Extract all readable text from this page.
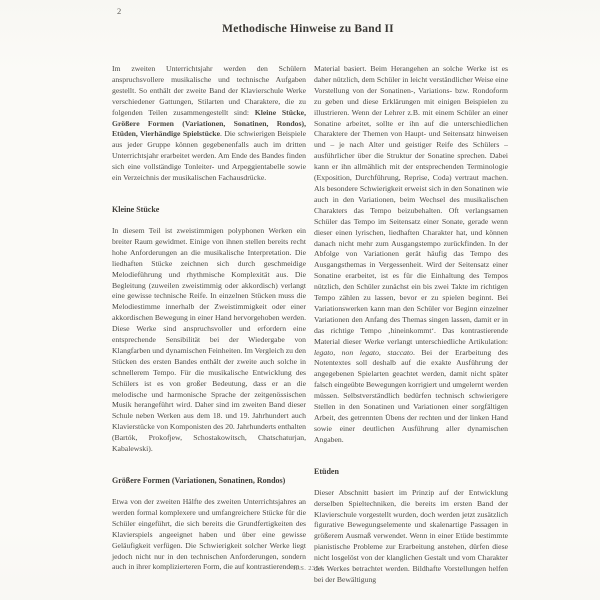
2
Methodische Hinweise zu Band II

Im zweiten Unterrichtsjahr werden den Schülern anspruchsvollere musikalische und technische Aufgaben gestellt. So enthält der zweite Band der Klavierschule Werke verschiedener Gattungen, Stilarten und Charaktere, die zu folgenden Teilen zusammengestellt sind: Kleine Stücke, Größere Formen (Variationen, Sonatinen, Rondos), Etüden, Vierhändige Spielstücke. Die schwierigen Beispiele aus jeder Gruppe können gegebenenfalls auch im dritten Unterrichtsjahr erarbeitet werden. Am Ende des Bandes finden sich eine vollständige Tonleiter- und Arpeggientabelle sowie ein Verzeichnis der musikalischen Fachausdrücke.

Kleine Stücke

In diesem Teil ist zweistimmigen polyphonen Werken ein breiter Raum gewidmet. Einige von ihnen stellen bereits recht hohe Anforderungen an die musikalische Interpretation. Die liedhaften Stücke zeichnen sich durch geschmeidige Melodieführung und rhythmische Komplexität aus. Die Begleitung (zuweilen zweistimmig oder akkordisch) verlangt eine gewisse technische Reife. In einzelnen Stücken muss die Melodiestimme innerhalb der Zweistimmigkeit oder einer akkordischen Bewegung in einer Hand hervorgehoben werden. Diese Werke sind anspruchsvoller und erfordern eine entsprechende Sensibilität bei der Wiedergabe von Klangfarben und dynamischen Feinheiten. Im Vergleich zu den Stücken des ersten Bandes enthält der zweite auch solche in schnellerem Tempo. Für die musikalische Entwicklung des Schülers ist es von großer Bedeutung, dass er an die melodische und harmonische Sprache der zeitgenössischen Musik herangeführt wird. Daher sind im zweiten Band dieser Schule neben Werken aus dem 18. und 19. Jahrhundert auch Klavierstücke von Komponisten des 20. Jahrhunderts enthalten (Bartók, Prokofjew, Schostakowitsch, Chatschaturjan, Kabalewski).

Größere Formen (Variationen, Sonatinen, Rondos)

Etwa von der zweiten Hälfte des zweiten Unterrichtsjahres an werden formal komplexere und umfangreichere Stücke für die Schüler eingeführt, die sich bereits die Grundfertigkeiten des Klavierspiels angeeignet haben und über eine gewisse Geläufigkeit verfügen. Die Schwierigkeit solcher Werke liegt jedoch nicht nur in den technischen Anforderungen, sondern auch in ihrer komplizierteren Form, die auf kontrastierendem

Material basiert. Beim Herangehen an solche Werke ist es daher nützlich, dem Schüler in leicht verständlicher Weise eine Vorstellung von der Sonatinen-, Variations- bzw. Rondoform zu geben und diese Erklärungen mit einigen Beispielen zu illustrieren. Wenn der Lehrer z.B. mit einem Schüler an einer Sonatine arbeitet, sollte er ihn auf die unterschiedlichen Charaktere der Themen von Haupt- und Seitensatz hinweisen und – je nach Alter und geistiger Reife des Schülers – ausführlicher über die Struktur der Sonatine sprechen. Dabei kann er ihn allmählich mit der entsprechenden Terminologie (Exposition, Durchführung, Reprise, Coda) vertraut machen. Als besondere Schwierigkeit erweist sich in den Sonatinen wie auch in den Variationen, beim Wechsel des musikalischen Charakters das Tempo beizubehalten. Oft verlangsamen Schüler das Tempo im Seitensatz einer Sonate, gerade wenn dieser einen lyrischen, liedhaften Charakter hat, und können danach nicht mehr zum Ausgangstempo zurückfinden. In der Abfolge von Variationen gerät häufig das Tempo des Ausgangsthemas in Vergessenheit. Wird der Seitensatz einer Sonatine erarbeitet, ist es für die Einhaltung des Tempos nützlich, den Schüler zunächst ein bis zwei Takte im richtigen Tempo zählen zu lassen, bevor er zu spielen beginnt. Bei Variationswerken kann man den Schüler vor Beginn einzelner Variationen den Anfang des Themas singen lassen, damit er in das richtige Tempo ‚hineinkommt‘. Das kontrastierende Material dieser Werke verlangt unterschiedliche Artikulation: legato, non legato, staccato. Bei der Erarbeitung des Notentextes soll deshalb auf die exakte Ausführung der angegebenen Spielarten geachtet werden, damit nicht später falsch eingeübte Bewegungen korrigiert und umgelernt werden müssen. Selbstverständlich bedürfen technisch schwierigere Stellen in den Sonatinen und Variationen einer sorgfältigen Arbeit, des getrennten Übens der rechten und der linken Hand sowie einer deutlichen Ausführung aller dynamischen Angaben.

Etüden

Dieser Abschnitt basiert im Prinzip auf der Entwicklung derselben Spieltechniken, die bereits im ersten Band der Klavierschule vorgestellt wurden, doch werden jetzt zusätzlich figurative Bewegungselemente und skalenartige Passagen in größerem Ausmaß verwendet. Wenn in einer Etüde bestimmte pianistische Probleme zur Erarbeitung anstehen, dürfen diese nicht losgelöst von der klanglichen Gestalt und vom Charakter des Werkes betrachtet werden. Bildhafte Vorstellungen helfen bei der Bewältigung

H.S. 2354
